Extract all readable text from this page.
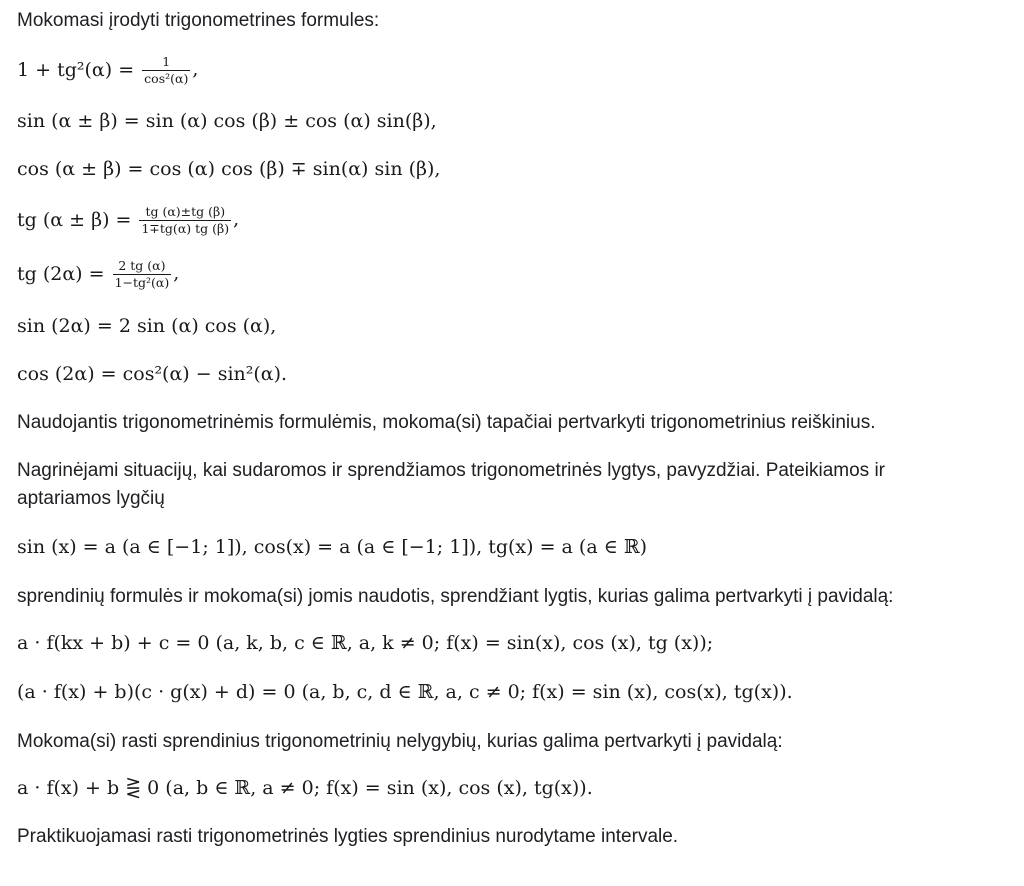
Mokomasi įrodyti trigonometrines formules:
$1 + tg^2(\alpha) = \frac{1}{\text{cos²(α)}}$ ,
sin (α ± β) = sin (α) cos (β) ± cos (α) sin(β),
cos (α ± β) = cos (α) cos (β) ∓ sin(α) sin (β),
tg $(\alpha \pm \beta) = \frac{tg (\alpha)\pm tg (\beta)}{1\mp tg(\alpha) tg (\beta)}$ ,
tg $(2\alpha) = \frac{2 tg (\alpha)}{\text{1−tg²(α)}}$ ,
sin (2α) = 2 sin (α) cos (α),
cos (2α) = cos²(α) − sin²(α).
Naudojantis trigonometrinėmis formulėmis, mokoma(si) tapačiai pertvarkyti trigonometrinius reiškinius.
Nagrinėjami situacijų, kai sudaromos ir sprendžiamos trigonometrinės lygtys, pavyzdžiai. Pateikiamos ir
aptariamos lygčių
sin (x) = a (a ∈ [−1; 1]), cos(x) = a (a ∈ [−1; 1]), tg(x) = a (a ∈ ℝ)
sprendinių formulės ir mokoma(si) jomis naudotis, sprendžiant lygtis, kurias galima pertvarkyti į pavidalą:
a · f(kx + b) + c = 0 (a, k, b, c ∈ ℝ, a, k ≠ 0; f(x) = sin(x), cos (x), tg (x));
(a · f(x) + b)(c · g(x) + d) = 0 (a, b, c, d ∈ ℝ, a, c ≠ 0; f(x) = sin (x), cos(x), tg(x)).
Mokoma(si) rasti sprendinius trigonometrinių nelygybių, kurias galima pertvarkyti į pavidalą:
a · f(x) + b ⋛ 0 (a, b ∈ ℝ, a ≠ 0; f(x) = sin (x), cos (x), tg(x)).
Praktikuojamasi rasti trigonometrinės lygties sprendinius nurodytame intervale.
